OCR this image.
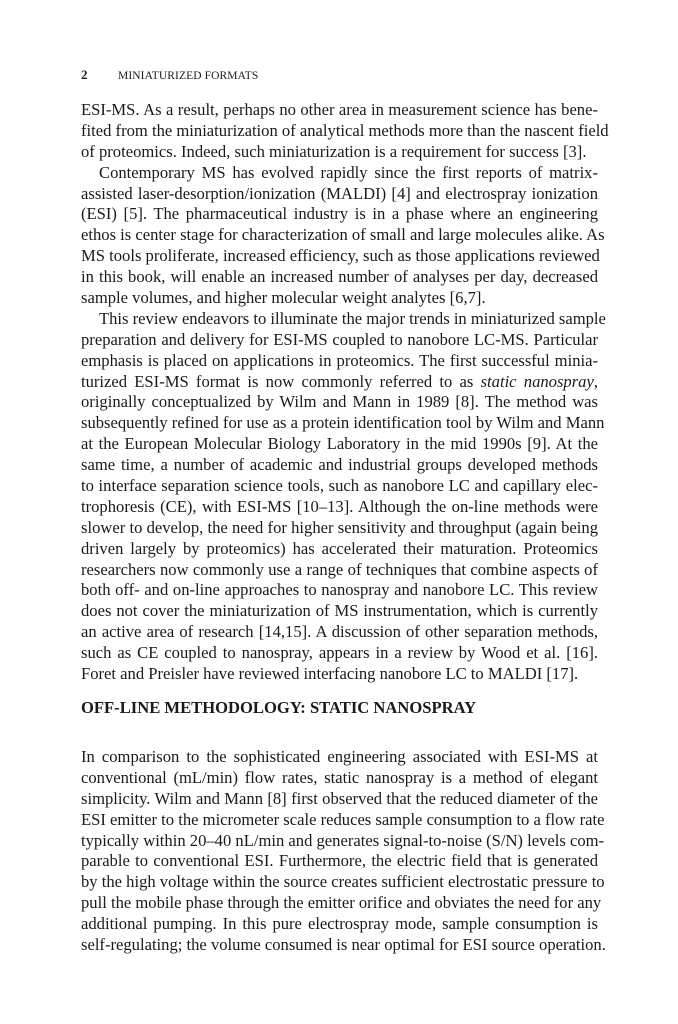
2	MINIATURIZED FORMATS

ESI-MS. As a result, perhaps no other area in measurement science has bene-
fited from the miniaturization of analytical methods more than the nascent field
of proteomics. Indeed, such miniaturization is a requirement for success [3].

Contemporary MS has evolved rapidly since the first reports of matrix-
assisted laser-desorption/ionization (MALDI) [4] and electrospray ionization
(ESI) [5]. The pharmaceutical industry is in a phase where an engineering
ethos is center stage for characterization of small and large molecules alike. As
MS tools proliferate, increased efficiency, such as those applications reviewed
in this book, will enable an increased number of analyses per day, decreased
sample volumes, and higher molecular weight analytes [6,7].

This review endeavors to illuminate the major trends in miniaturized sample
preparation and delivery for ESI-MS coupled to nanobore LC-MS. Particular
emphasis is placed on applications in proteomics. The first successful minia-
turized ESI-MS format is now commonly referred to as static nanospray,
originally conceptualized by Wilm and Mann in 1989 [8]. The method was
subsequently refined for use as a protein identification tool by Wilm and Mann
at the European Molecular Biology Laboratory in the mid 1990s [9]. At the
same time, a number of academic and industrial groups developed methods
to interface separation science tools, such as nanobore LC and capillary elec-
trophoresis (CE), with ESI-MS [10–13]. Although the on-line methods were
slower to develop, the need for higher sensitivity and throughput (again being
driven largely by proteomics) has accelerated their maturation. Proteomics
researchers now commonly use a range of techniques that combine aspects of
both off- and on-line approaches to nanospray and nanobore LC. This review
does not cover the miniaturization of MS instrumentation, which is currently
an active area of research [14,15]. A discussion of other separation methods,
such as CE coupled to nanospray, appears in a review by Wood et al. [16].
Foret and Preisler have reviewed interfacing nanobore LC to MALDI [17].

OFF-LINE METHODOLOGY: STATIC NANOSPRAY

In comparison to the sophisticated engineering associated with ESI-MS at
conventional (mL/min) flow rates, static nanospray is a method of elegant
simplicity. Wilm and Mann [8] first observed that the reduced diameter of the
ESI emitter to the micrometer scale reduces sample consumption to a flow rate
typically within 20–40 nL/min and generates signal-to-noise (S/N) levels com-
parable to conventional ESI. Furthermore, the electric field that is generated
by the high voltage within the source creates sufficient electrostatic pressure to
pull the mobile phase through the emitter orifice and obviates the need for any
additional pumping. In this pure electrospray mode, sample consumption is
self-regulating; the volume consumed is near optimal for ESI source operation.
